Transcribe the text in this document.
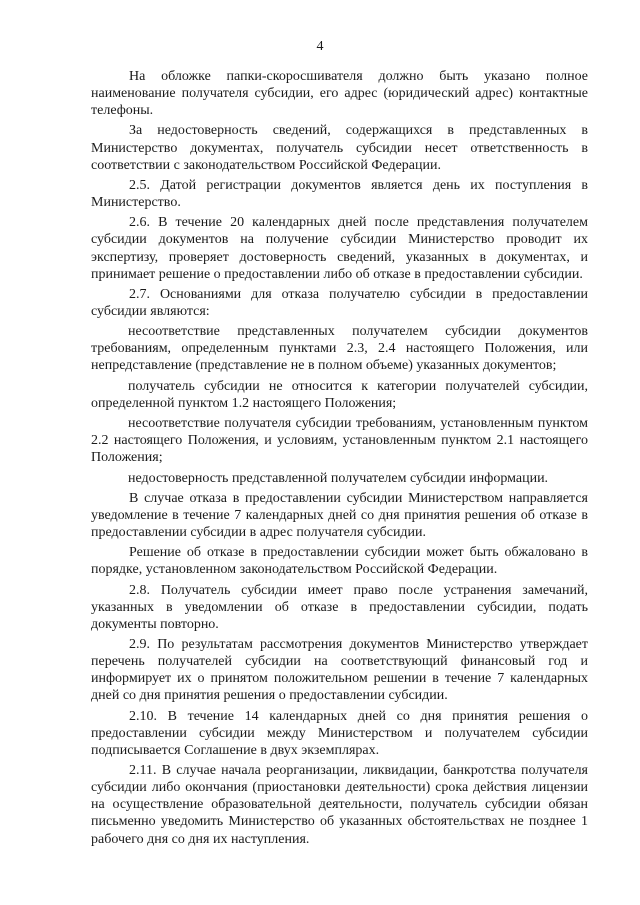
4

На обложке папки-скоросшивателя должно быть указано полное наименование получателя субсидии, его адрес (юридический адрес) контактные телефоны.

За недостоверность сведений, содержащихся в представленных в Министерство документах, получатель субсидии несет ответственность в соответствии с законодательством Российской Федерации.

2.5. Датой регистрации документов является день их поступления в Министерство.

2.6. В течение 20 календарных дней после представления получателем субсидии документов на получение субсидии Министерство проводит их экспертизу, проверяет достоверность сведений, указанных в документах, и принимает решение о предоставлении либо об отказе в предоставлении субсидии.

2.7. Основаниями для отказа получателю субсидии в предоставлении субсидии являются:

несоответствие представленных получателем субсидии документов требованиям, определенным пунктами 2.3, 2.4 настоящего Положения, или непредставление (представление не в полном объеме) указанных документов;

получатель субсидии не относится к категории получателей субсидии, определенной пунктом 1.2 настоящего Положения;

несоответствие получателя субсидии требованиям, установленным пунктом 2.2 настоящего Положения, и условиям, установленным пунктом 2.1 настоящего Положения;

недостоверность представленной получателем субсидии информации.

В случае отказа в предоставлении субсидии Министерством направляется уведомление в течение 7 календарных дней со дня принятия решения об отказе в предоставлении субсидии в адрес получателя субсидии.

Решение об отказе в предоставлении субсидии может быть обжаловано в порядке, установленном законодательством Российской Федерации.

2.8. Получатель субсидии имеет право после устранения замечаний, указанных в уведомлении об отказе в предоставлении субсидии, подать документы повторно.

2.9. По результатам рассмотрения документов Министерство утверждает перечень получателей субсидии на соответствующий финансовый год и информирует их о принятом положительном решении в течение 7 календарных дней со дня принятия решения о предоставлении субсидии.

2.10. В течение 14 календарных дней со дня принятия решения о предоставлении субсидии между Министерством и получателем субсидии подписывается Соглашение в двух экземплярах.

2.11. В случае начала реорганизации, ликвидации, банкротства получателя субсидии либо окончания (приостановки деятельности) срока действия лицензии на осуществление образовательной деятельности, получатель субсидии обязан письменно уведомить Министерство об указанных обстоятельствах не позднее 1 рабочего дня со дня их наступления.
